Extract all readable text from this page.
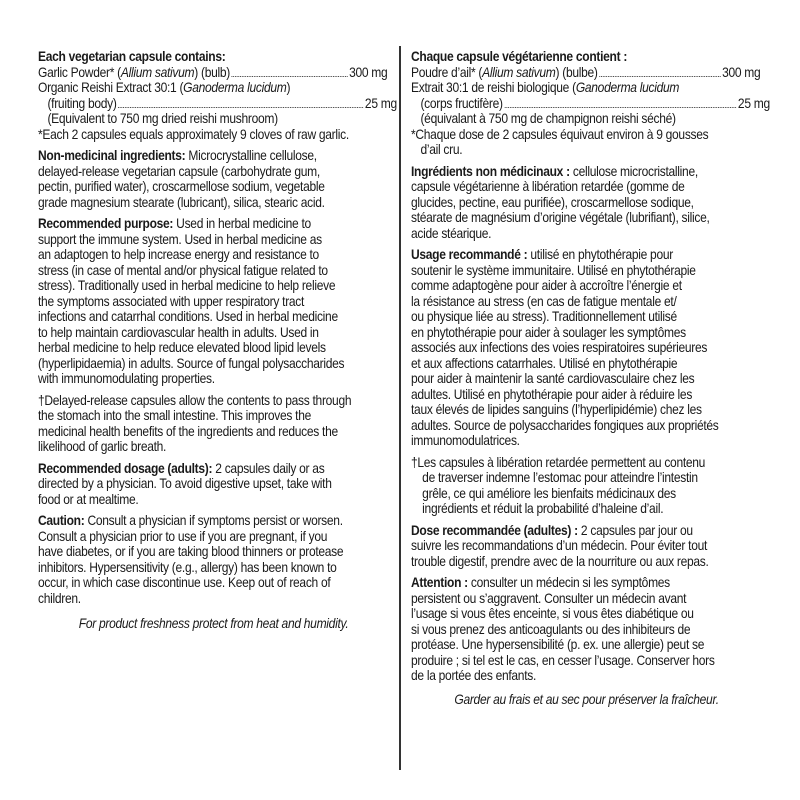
Each vegetarian capsule contains:
Garlic Powder* (Allium sativum) (bulb)	300 mg
Organic Reishi Extract 30:1 (Ganoderma lucidum)
(fruiting body)	25 mg
(Equivalent to 750 mg dried reishi mushroom)
*Each 2 capsules equals approximately 9 cloves of raw garlic.
Non-medicinal ingredients: Microcrystalline cellulose,
delayed-release vegetarian capsule (carbohydrate gum,
pectin, purified water), croscarmellose sodium, vegetable
grade magnesium stearate (lubricant), silica, stearic acid.
Recommended purpose: Used in herbal medicine to
support the immune system. Used in herbal medicine as
an adaptogen to help increase energy and resistance to
stress (in case of mental and/or physical fatigue related to
stress). Traditionally used in herbal medicine to help relieve
the symptoms associated with upper respiratory tract
infections and catarrhal conditions. Used in herbal medicine
to help maintain cardiovascular health in adults. Used in
herbal medicine to help reduce elevated blood lipid levels
(hyperlipidaemia) in adults. Source of fungal polysaccharides
with immunomodulating properties.
†Delayed-release capsules allow the contents to pass through
the stomach into the small intestine. This improves the
medicinal health benefits of the ingredients and reduces the
likelihood of garlic breath.
Recommended dosage (adults): 2 capsules daily or as
directed by a physician. To avoid digestive upset, take with
food or at mealtime.
Caution: Consult a physician if symptoms persist or worsen.
Consult a physician prior to use if you are pregnant, if you
have diabetes, or if you are taking blood thinners or protease
inhibitors. Hypersensitivity (e.g., allergy) has been known to
occur, in which case discontinue use. Keep out of reach of
children.
For product freshness protect from heat and humidity.
Chaque capsule végétarienne contient :
Poudre d’ail* (Allium sativum) (bulbe)	300 mg
Extrait 30:1 de reishi biologique (Ganoderma lucidum
(corps fructifère)	25 mg
(équivalant à 750 mg de champignon reishi séché)
*Chaque dose de 2 capsules équivaut environ à 9 gousses
d’ail cru.
Ingrédients non médicinaux : cellulose microcristalline,
capsule végétarienne à libération retardée (gomme de
glucides, pectine, eau purifiée), croscarmellose sodique,
stéarate de magnésium d’origine végétale (lubrifiant), silice,
acide stéarique.
Usage recommandé : utilisé en phytothérapie pour
soutenir le système immunitaire. Utilisé en phytothérapie
comme adaptogène pour aider à accroître l’énergie et
la résistance au stress (en cas de fatigue mentale et/
ou physique liée au stress). Traditionnellement utilisé
en phytothérapie pour aider à soulager les symptômes
associés aux infections des voies respiratoires supérieures
et aux affections catarrhales. Utilisé en phytothérapie
pour aider à maintenir la santé cardiovasculaire chez les
adultes. Utilisé en phytothérapie pour aider à réduire les
taux élevés de lipides sanguins (l’hyperlipidémie) chez les
adultes. Source de polysaccharides fongiques aux propriétés
immunomodulatrices.
†Les capsules à libération retardée permettent au contenu
de traverser indemne l’estomac pour atteindre l’intestin
grêle, ce qui améliore les bienfaits médicinaux des
ingrédients et réduit la probabilité d’haleine d’ail.
Dose recommandée (adultes) : 2 capsules par jour ou
suivre les recommandations d’un médecin. Pour éviter tout
trouble digestif, prendre avec de la nourriture ou aux repas.
Attention : consulter un médecin si les symptômes
persistent ou s’aggravent. Consulter un médecin avant
l’usage si vous êtes enceinte, si vous êtes diabétique ou
si vous prenez des anticoagulants ou des inhibiteurs de
protéase. Une hypersensibilité (p. ex. une allergie) peut se
produire ; si tel est le cas, en cesser l’usage. Conserver hors
de la portée des enfants.
Garder au frais et au sec pour préserver la fraîcheur.
